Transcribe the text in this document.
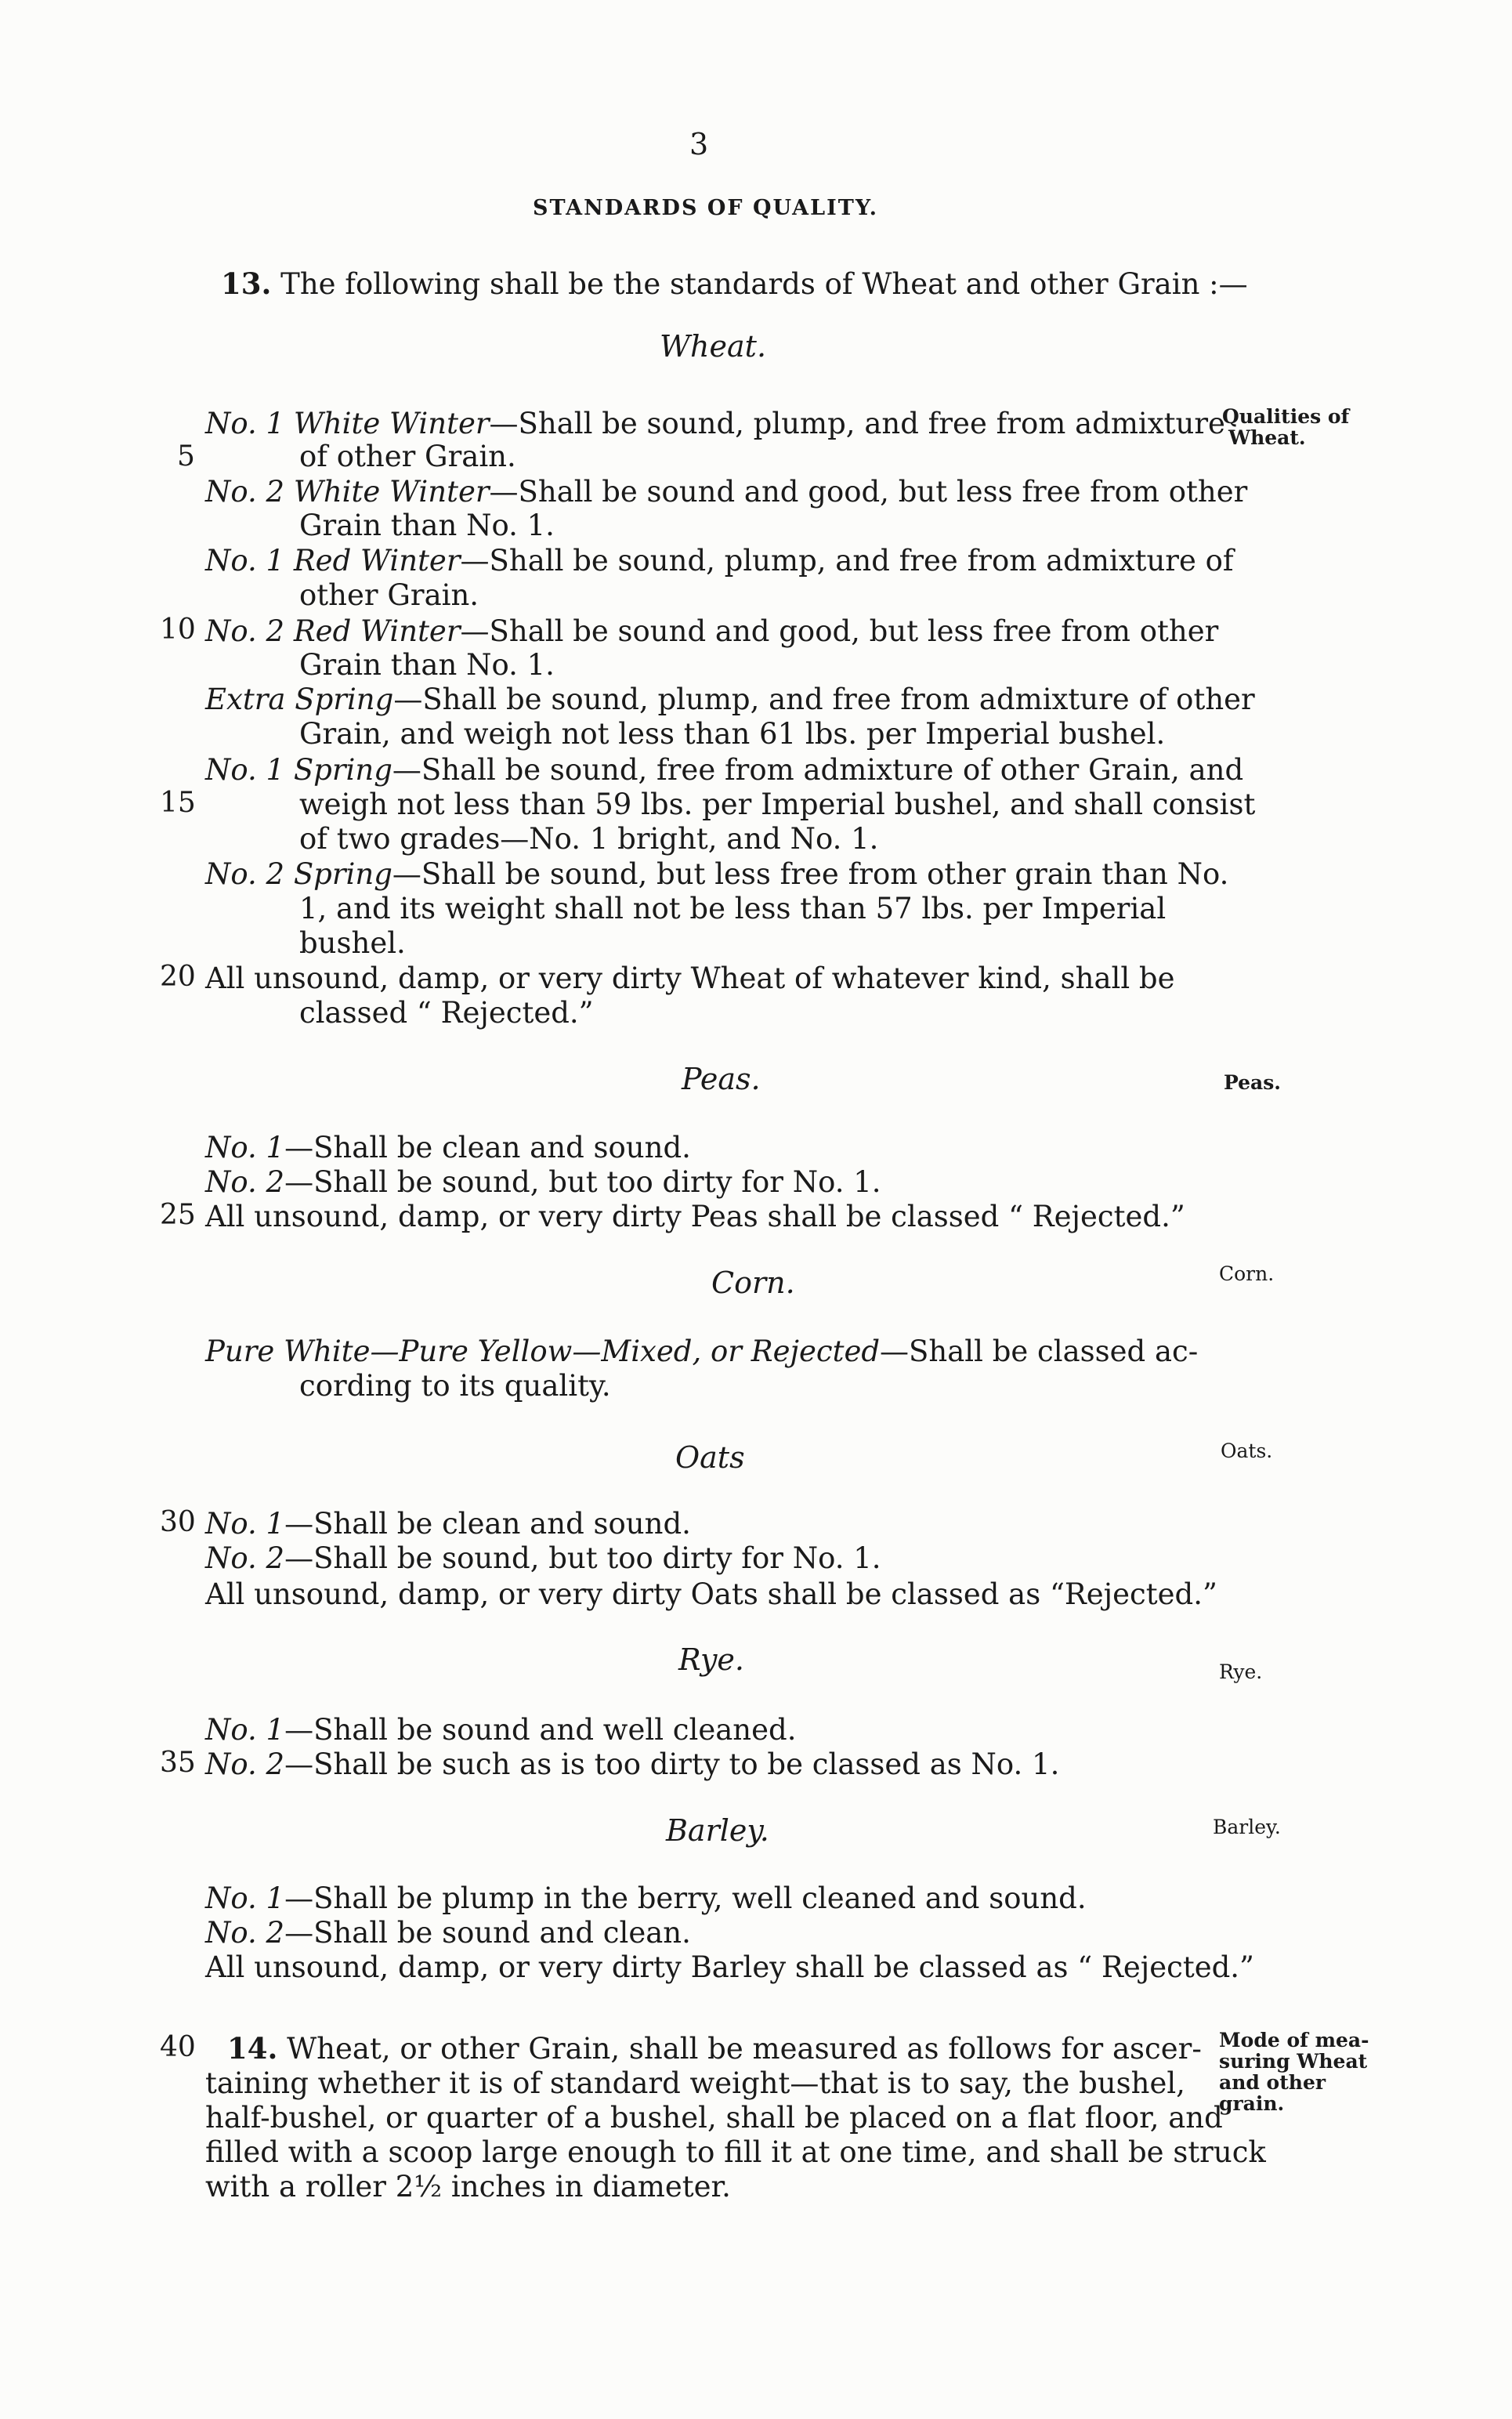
3
STANDARDS OF QUALITY.
13. The following shall be the standards of Wheat and other Grain :—
Wheat.
Qualities of
Wheat.
No. 1 White Winter—Shall be sound, plump, and free from admixture
of other Grain.
No. 2 White Winter—Shall be sound and good, but less free from other
Grain than No. 1.
No. 1 Red Winter—Shall be sound, plump, and free from admixture of
other Grain.
No. 2 Red Winter—Shall be sound and good, but less free from other
Grain than No. 1.
Extra Spring—Shall be sound, plump, and free from admixture of other
Grain, and weigh not less than 61 lbs. per Imperial bushel.
No. 1 Spring—Shall be sound, free from admixture of other Grain, and
weigh not less than 59 lbs. per Imperial bushel, and shall consist
of two grades—No. 1 bright, and No. 1.
No. 2 Spring—Shall be sound, but less free from other grain than No.
1, and its weight shall not be less than 57 lbs. per Imperial
bushel.
All unsound, damp, or very dirty Wheat of whatever kind, shall be
classed “ Rejected.”
Peas.	Peas.
No. 1—Shall be clean and sound.
No. 2—Shall be sound, but too dirty for No. 1.
All unsound, damp, or very dirty Peas shall be classed “ Rejected.”
Corn.	Corn.
Pure White—Pure Yellow—Mixed, or Rejected—Shall be classed ac-
cording to its quality.
Oats	Oats.
No. 1—Shall be clean and sound.
No. 2—Shall be sound, but too dirty for No. 1.
All unsound, damp, or very dirty Oats shall be classed as “Rejected.”
Rye.	Rye.
No. 1—Shall be sound and well cleaned.
No. 2—Shall be such as is too dirty to be classed as No. 1.
Barley.	Barley.
No. 1—Shall be plump in the berry, well cleaned and sound.
No. 2—Shall be sound and clean.
All unsound, damp, or very dirty Barley shall be classed as “ Rejected.”
14. Wheat, or other Grain, shall be measured as follows for ascer-
taining whether it is of standard weight—that is to say, the bushel,
half-bushel, or quarter of a bushel, shall be placed on a flat floor, and
filled with a scoop large enough to fill it at one time, and shall be struck
with a roller 2½ inches in diameter.
Mode of mea-
suring Wheat
and other
grain.
5
10
15
20
25
30
35
40
